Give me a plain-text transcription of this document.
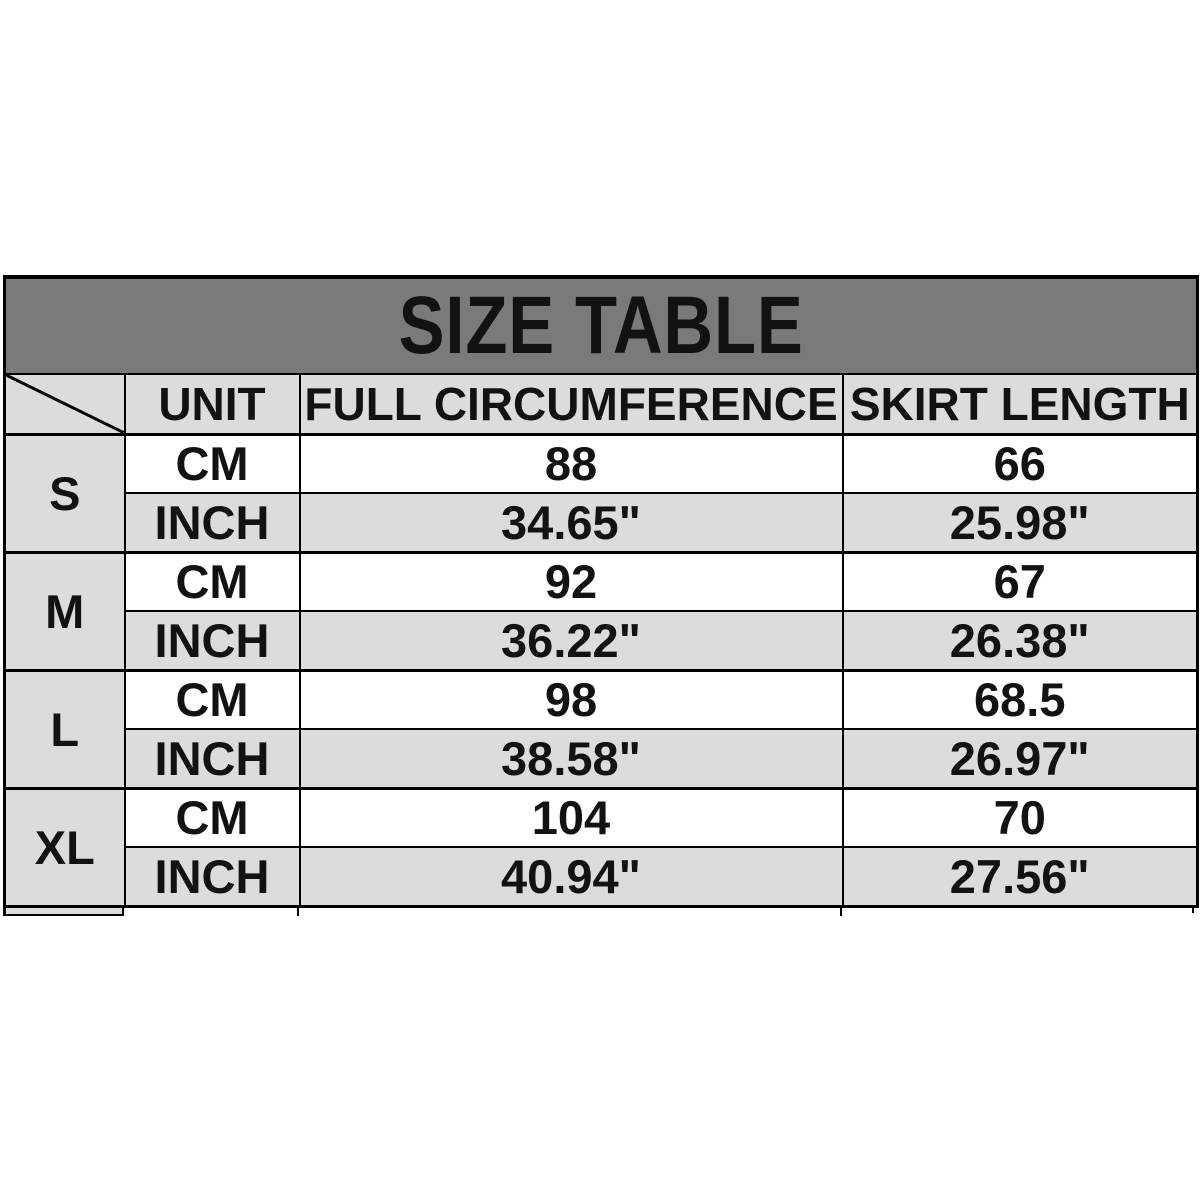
SIZE TABLE			

	UNIT	FULL CIRCUMFERENCE	SKIRT LENGTH
S	CM	88	66
	INCH	34.65"	25.98"
M	CM	92	67
	INCH	36.22"	26.38"
L	CM	98	68.5
	INCH	38.58"	26.97"
XL	CM	104	70
	INCH	40.94"	27.56"
